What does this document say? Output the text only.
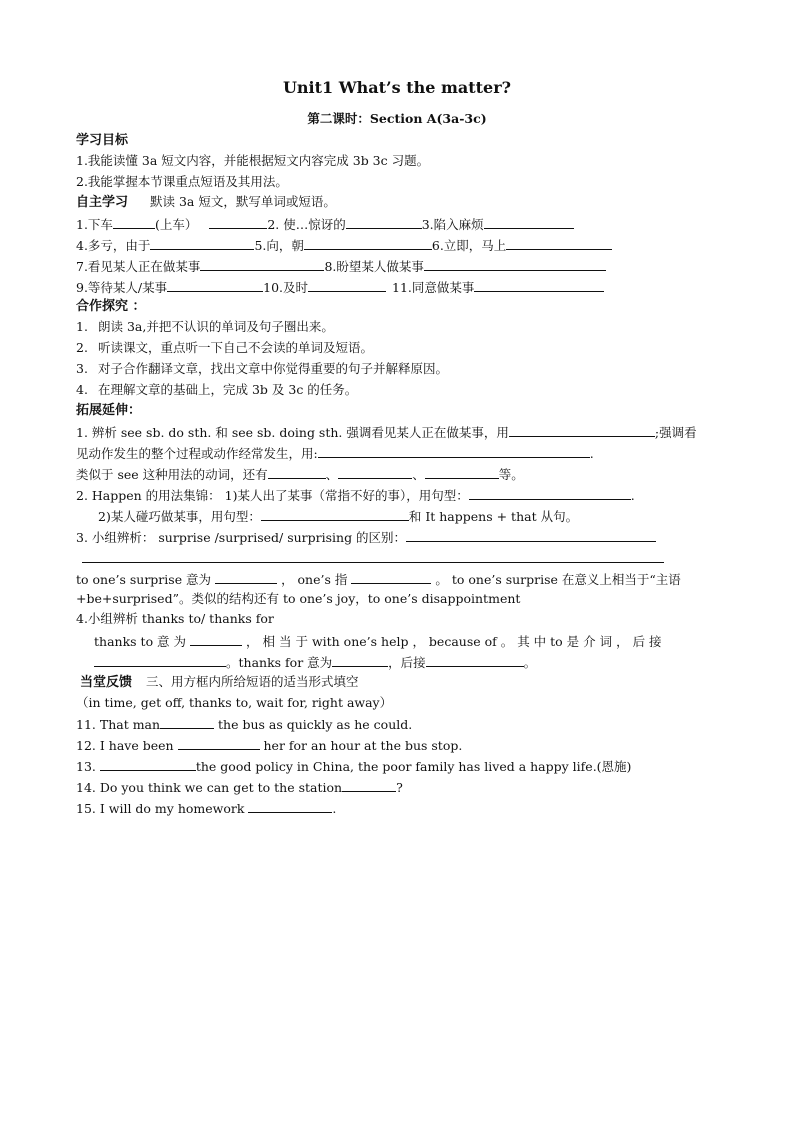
Unit1 What’s the matter?
第二课时：Section A(3a-3c)
学习目标
1.我能读懂 3a 短文内容，并能根据短文内容完成 3b 3c 习题。
2.我能掌握本节课重点短语及其用法。
自主学习 默读 3a 短文，默写单词或短语。
1.下车	(上车）	2. 使…惊讶的	3.陷入麻烦
4.多亏，由于	5.向，朝	6.立即，马上
7.看见某人正在做某事	8.盼望某人做某事
9.等待某人/某事	10.及时	11.同意做某事
合作探究 ：
1. 朗读 3a,并把不认识的单词及句子圈出来。
2. 听读课文，重点听一下自己不会读的单词及短语。
3. 对子合作翻译文章，找出文章中你觉得重要的句子并解释原因。
4. 在理解文章的基础上，完成 3b 及 3c 的任务。
拓展延伸：
1. 辨析 see sb. do sth. 和 see sb. doing sth. 强调看见某人正在做某事，用	;强调看
见动作发生的整个过程或动作经常发生，用:	.
类似于 see 这种用法的动词，还有	、	、	等。
2. Happen 的用法集锦： 1)某人出了某事（常指不好的事），用句型：	.
2)某人碰巧做某事，用句型：	和 It happens + that 从句。
3. 小组辨析： surprise /surprised/ surprising 的区别：
to one’s surprise 意为	， one’s 指	。 to one’s surprise 在意义上相当于“主语
+be+surprised”。类似的结构还有 to one’s joy，to one’s disappointment
4.小组辨析 thanks to/ thanks for
thanks to 意 为	， 相 当 于 with one’s help ， because of 。 其 中 to 是 介 词 ， 后 接
。thanks for 意为	，后接	。
当堂反馈 三、用方框内所给短语的适当形式填空
（in time, get off, thanks to, wait for, right away）
11. That man	the bus as quickly as he could.
12. I have been	her for an hour at the bus stop.
13.	the good policy in China, the poor family has lived a happy life.(恩施)
14. Do you think we can get to the station	?
15. I will do my homework	.
